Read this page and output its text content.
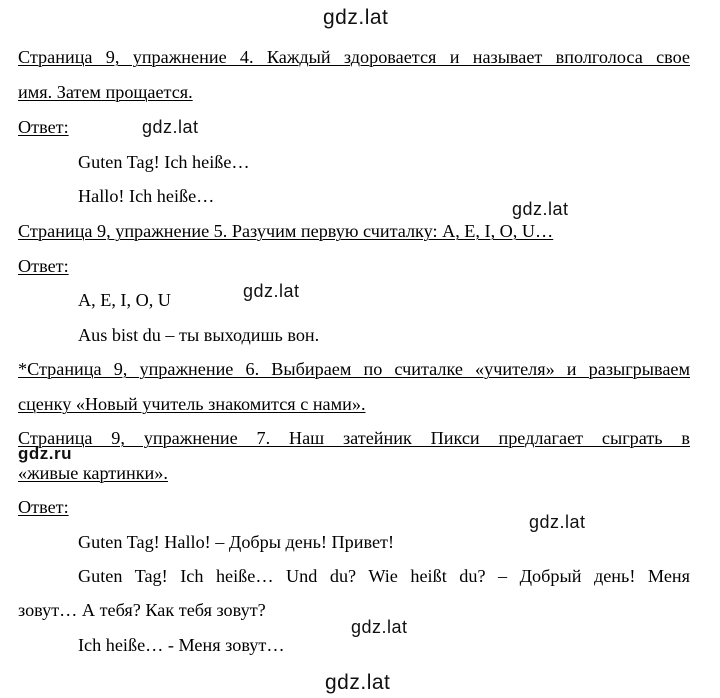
gdz.lat
gdz.lat
gdz.lat
gdz.lat
gdz.ru
gdz.lat
gdz.lat
gdz.lat
Страница 9, упражнение 4. Каждый здоровается и называет вполголоса свое
имя. Затем прощается.
Ответ:
Guten Tag! Ich heiße…
Hallo! Ich heiße…
Страница 9, упражнение 5. Разучим первую считалку: A, E, I, O, U…
Ответ:
A, E, I, O, U
Aus bist du – ты выходишь вон.
*Страница 9, упражнение 6. Выбираем по считалке «учителя» и разыгрываем
сценку «Новый учитель знакомится с нами».
Страница 9, упражнение 7. Наш затейник Пикси предлагает сыграть в
«живые картинки».
Ответ:
Guten Tag! Hallo! – Добры день! Привет!
Guten Tag! Ich heiße… Und du? Wie heißt du? – Добрый день! Меня
зовут… А тебя? Как тебя зовут?
Ich heiße… - Меня зовут…
